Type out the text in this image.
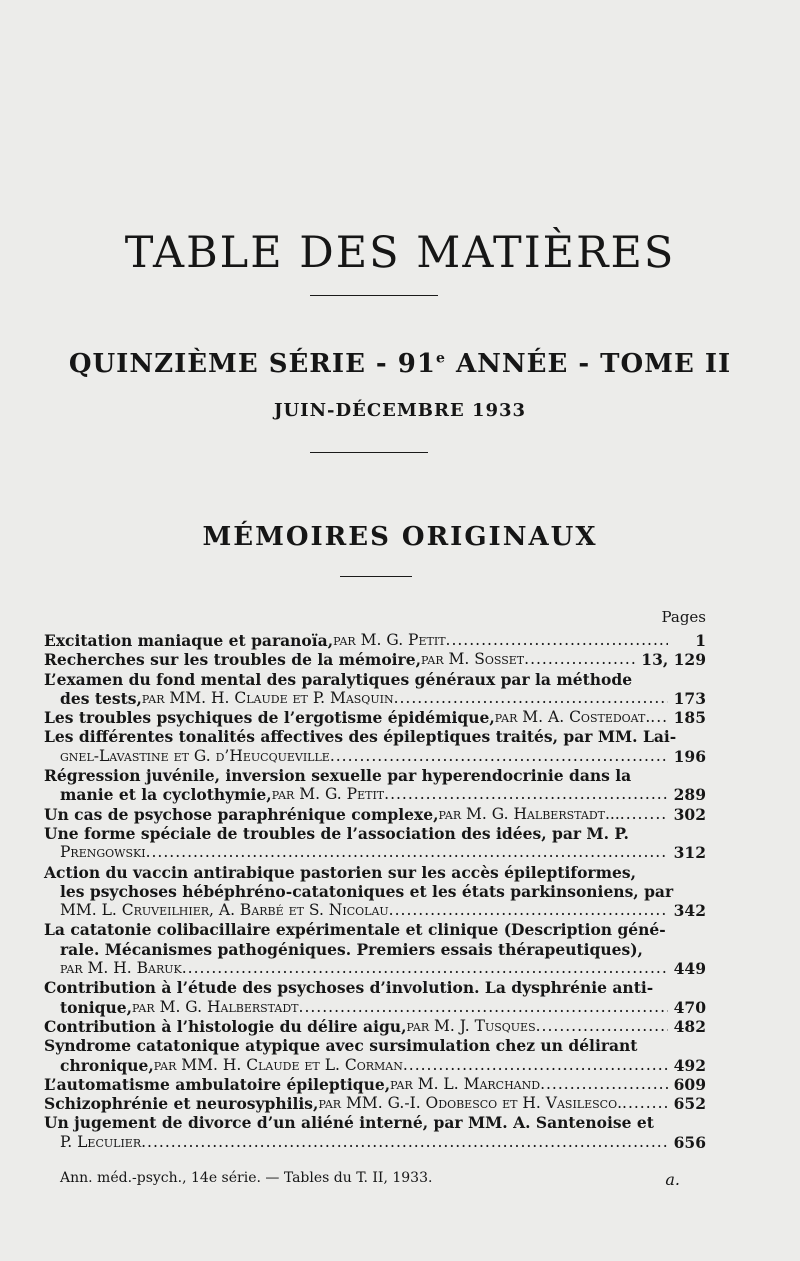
TABLE DES MATIÈRES
QUINZIÈME SÉRIE - 91e ANNÉE - TOME II
JUIN-DÉCEMBRE 1933
MÉMOIRES ORIGINAUX
Pages
Excitation maniaque et paranoïa, par M. G. Petit .....	1
Recherches sur les troubles de la mémoire, par M. Sosset .....	13, 129
L’examen du fond mental des paralytiques généraux par la méthode
des tests, par MM. H. Claude et P. Masquin .....	173
Les troubles psychiques de l’ergotisme épidémique, par M. A. Costedoat. .....	185
Les différentes tonalités affectives des épileptiques traités, par MM. Lai-
gnel-Lavastine et G. d’Heucqueville .....	196
Régression juvénile, inversion sexuelle par hyperendocrinie dans la
manie et la cyclothymie, par M. G. Petit .....	289
Un cas de psychose paraphrénique complexe, par M. G. Halberstadt... .....	302
Une forme spéciale de troubles de l’association des idées, par M. P.
Prengowski .....	312
Action du vaccin antirabique pastorien sur les accès épileptiformes,
les psychoses hébéphréno-catatoniques et les états parkinsoniens, par
MM. L. Cruveilhier, A. Barbé et S. Nicolau .....	342
La catatonie colibacillaire expérimentale et clinique (Description géné-
rale. Mécanismes pathogéniques. Premiers essais thérapeutiques),
par M. H. Baruk .....	449
Contribution à l’étude des psychoses d’involution. La dysphrénie anti-
tonique, par M. G. Halberstadt .....	470
Contribution à l’histologie du délire aigu, par M. J. Tusques .....	482
Syndrome catatonique atypique avec sursimulation chez un délirant
chronique, par MM. H. Claude et L. Corman .....	492
L’automatisme ambulatoire épileptique, par M. L. Marchand .....	609
Schizophrénie et neurosyphilis, par MM. G.-I. Odobesco et H. Vasilesco. .....	652
Un jugement de divorce d’un aliéné interné, par MM. A. Santenoise et
P. Leculier .....	656
Ann. méd.-psych., 14e série. — Tables du T. II, 1933.	a.
